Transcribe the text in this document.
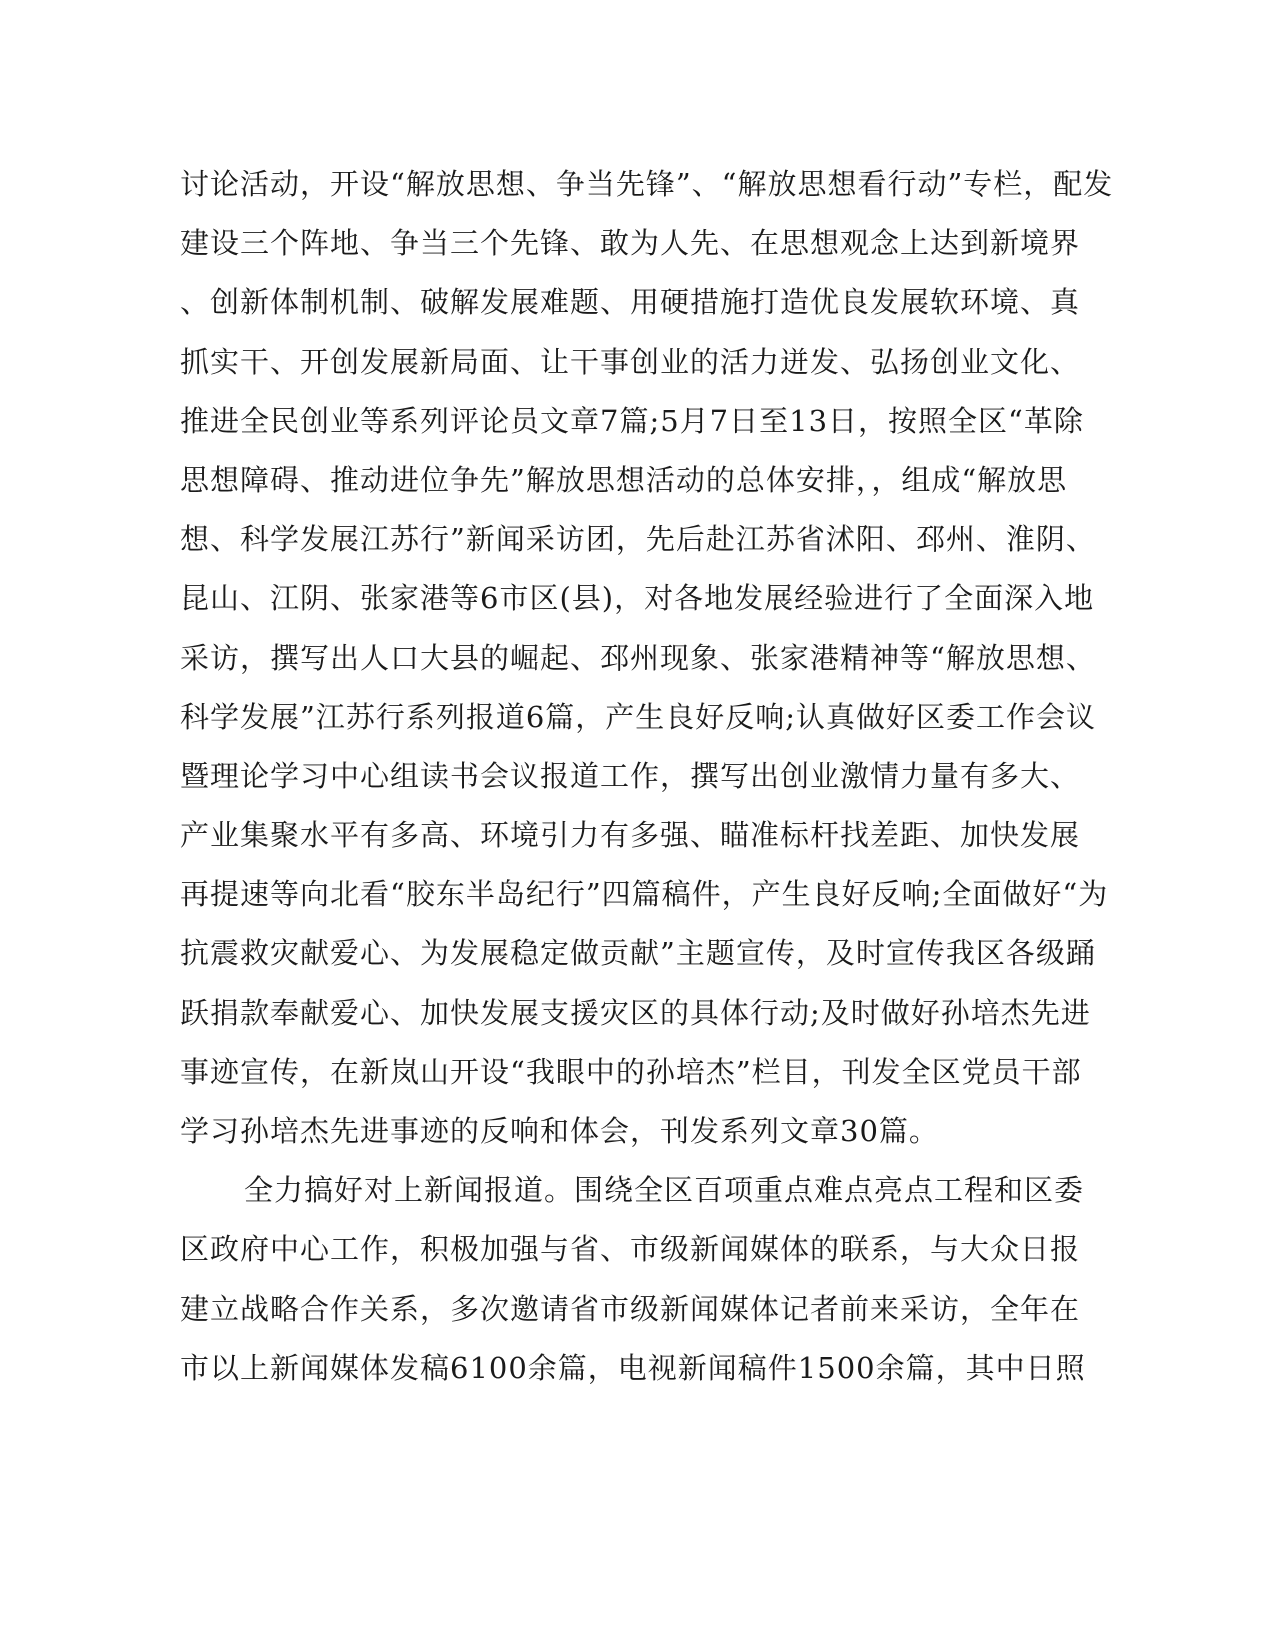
讨论活动，开设“解放思想、争当先锋”、“解放思想看行动”专栏，配发
建设三个阵地、争当三个先锋、敢为人先、在思想观念上达到新境界
、创新体制机制、破解发展难题、用硬措施打造优良发展软环境、真
抓实干、开创发展新局面、让干事创业的活力迸发、弘扬创业文化、
推进全民创业等系列评论员文章7篇;5月7日至13日，按照全区“革除
思想障碍、推动进位争先”解放思想活动的总体安排，，组成“解放思
想、科学发展江苏行”新闻采访团，先后赴江苏省沭阳、邳州、淮阴、
昆山、江阴、张家港等6市区(县)，对各地发展经验进行了全面深入地
采访，撰写出人口大县的崛起、邳州现象、张家港精神等“解放思想、
科学发展”江苏行系列报道6篇，产生良好反响;认真做好区委工作会议
暨理论学习中心组读书会议报道工作，撰写出创业激情力量有多大、
产业集聚水平有多高、环境引力有多强、瞄准标杆找差距、加快发展
再提速等向北看“胶东半岛纪行”四篇稿件，产生良好反响;全面做好“为
抗震救灾献爱心、为发展稳定做贡献”主题宣传，及时宣传我区各级踊
跃捐款奉献爱心、加快发展支援灾区的具体行动;及时做好孙培杰先进
事迹宣传，在新岚山开设“我眼中的孙培杰”栏目，刊发全区党员干部
学习孙培杰先进事迹的反响和体会，刊发系列文章30篇。
全力搞好对上新闻报道。围绕全区百项重点难点亮点工程和区委
区政府中心工作，积极加强与省、市级新闻媒体的联系，与大众日报
建立战略合作关系，多次邀请省市级新闻媒体记者前来采访，全年在
市以上新闻媒体发稿6100余篇，电视新闻稿件1500余篇，其中日照
